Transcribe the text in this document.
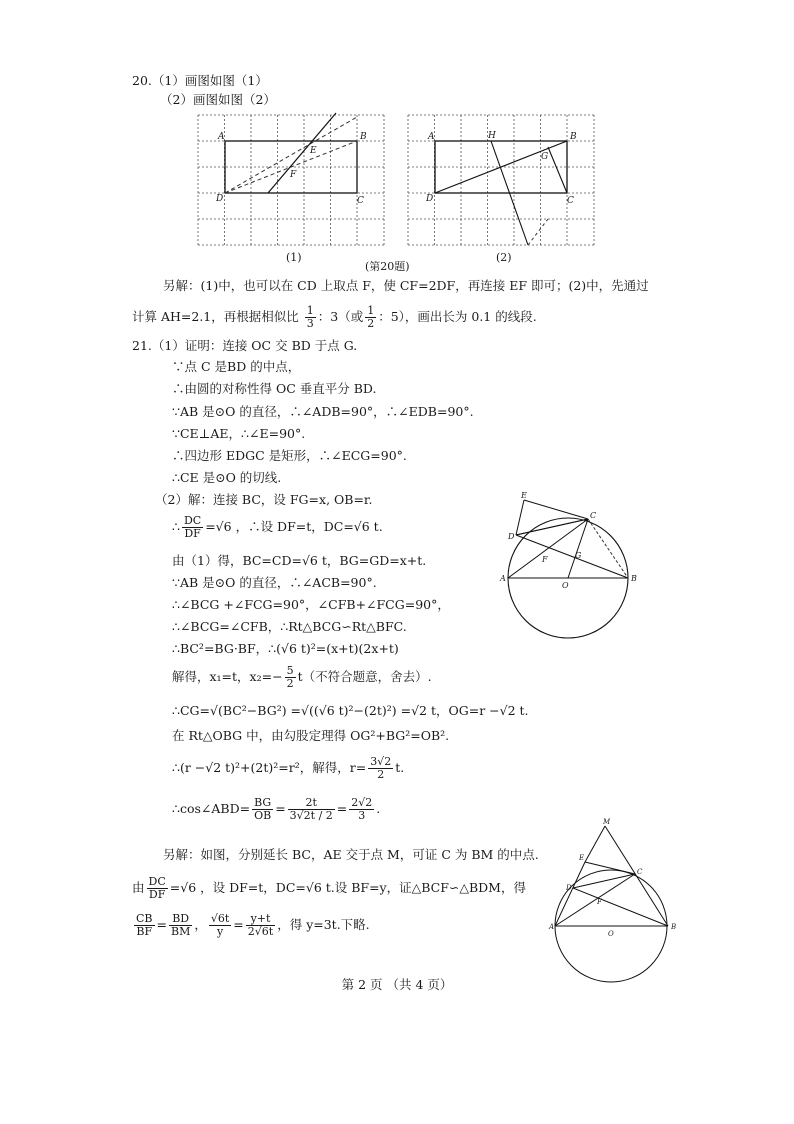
20.（1）画图如图（1）
（2）画图如图（2）
A	B
C
D
E
F
(1)
(第20题)
A	B
C
D
H
G
(2)
另解：(1)中，也可以在 CD 上取点 F，使 CF=2DF，再连接 EF 即可；(2)中，先通过
计算 AH=2.1，再根据相似比 $\frac{1}{3}$ ：3（或 $\frac{1}{2}$ ：5），画出长为 0.1 的线段.
21.（1）证明：连接 OC 交 BD 于点 G.
∵点 C 是BD 的中点，
∴由圆的对称性得 OC 垂直平分 BD.
∵AB 是⊙O 的直径，∴∠ADB=90°，∴∠EDB=90°.
∵CE⊥AE，∴∠E=90°.
∴四边形 EDGC 是矩形，∴∠ECG=90°.
∴CE 是⊙O 的切线.
（2）解：连接 BC，设 FG=x, OB=r.
∴ $\frac{DC}{DF} =√6$ ，∴设 DF=t，DC=√6 t.
由（1）得，BC=CD=√6 t，BG=GD=x+t.
∵AB 是⊙O 的直径，∴∠ACB=90°.
∴∠BCG +∠FCG=90°，∠CFB+∠FCG=90°，
∴∠BCG=∠CFB，∴Rt△BCG∽Rt△BFC.
∴BC²=BG·BF，∴(√6 t)²=(x+t)(2x+t)
解得，x₁=t，$x_2=- \frac{5}{2} t$（不符合题意，舍去）.
∴CG=√(BC²−BG²) =√((√6 t)²−(2t)²) =√2 t，OG=r −√2 t.
在 Rt△OBG 中，由勾股定理得 OG²+BG²=OB².
∴(r −√2 t)²+(2t)²=r²，解得，$r= \frac{3√2}{2} t$.
∴cos∠ABD= $\frac{BG}{OB} = \frac{2t}{3√2t / 2} = \frac{2√2}{3}$ .
E
C
D
G
F
A
O
B
另解：如图，分别延长 BC，AE 交于点 M，可证 C 为 BM 的中点.
由 $\frac{DC}{DF} =√6$ ，设 DF=t，DC=√6 t.设 BF=y，证△BCF∽△BDM，得
$\frac{CB}{BF} = \frac{BD}{BM}$ ， $\frac{√6t}{y} = \frac{y+t}{2√6t}$ ，得 y=3t.下略.
M
E
C
D
F
A
O
B
第 2 页 （共 4 页）
